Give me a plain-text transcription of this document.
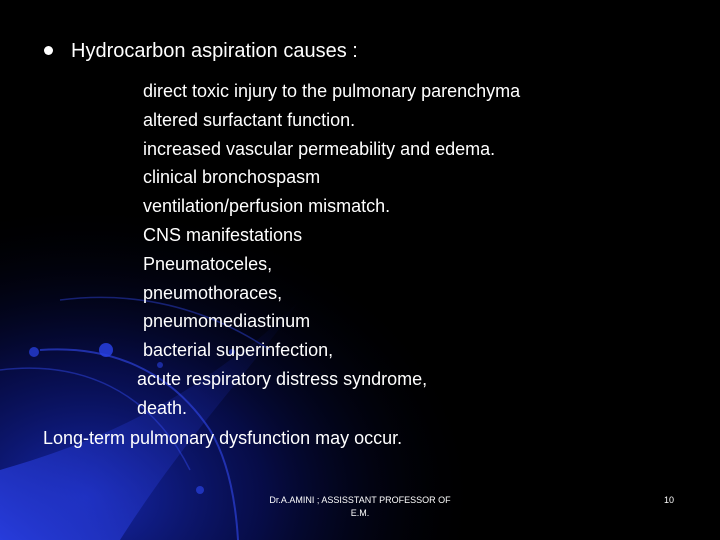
Hydrocarbon aspiration causes :
direct toxic injury to the pulmonary parenchyma
altered surfactant function.
increased vascular permeability and edema.
clinical bronchospasm
ventilation/perfusion mismatch.
CNS manifestations
Pneumatoceles,
pneumothoraces,
pneumomediastinum
bacterial superinfection,
acute respiratory distress syndrome,
death.
Long-term pulmonary dysfunction may occur.
Dr.A.AMINI ; ASSISSTANT PROFESSOR OF
E.M.
10
